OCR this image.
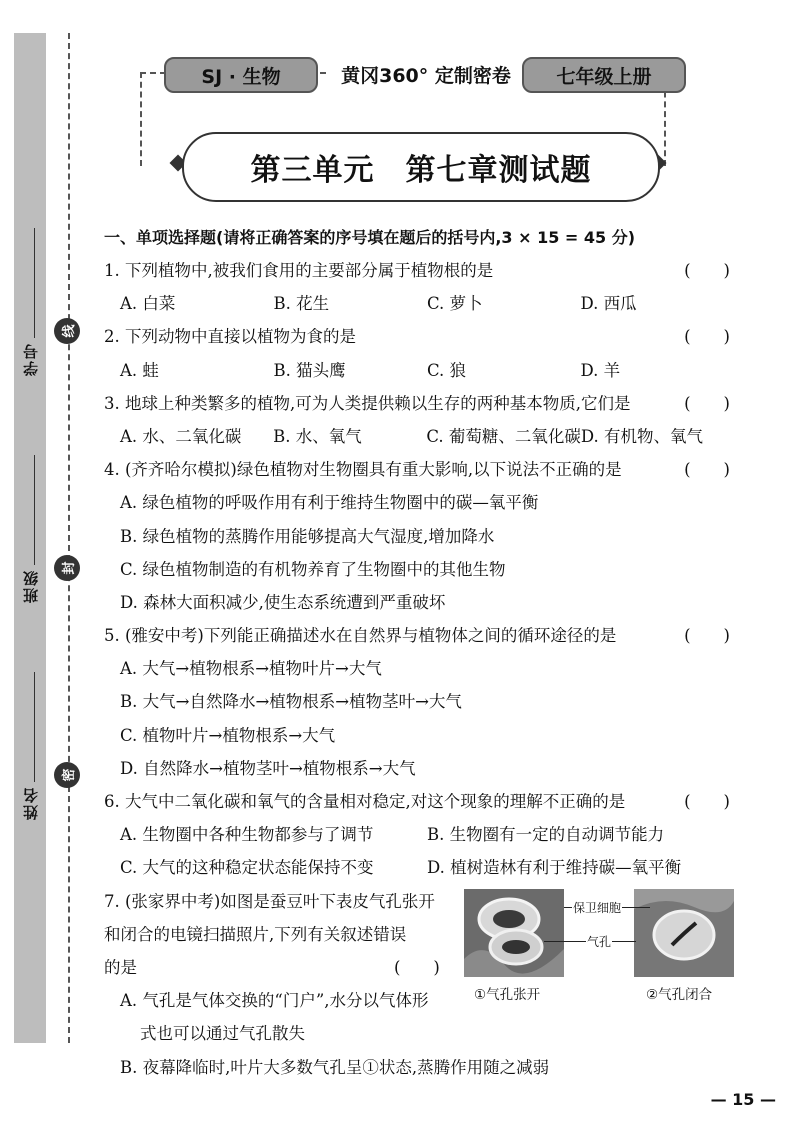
学号
班级
姓名
线
封
密
SJ · 生物	黄冈360° 定制密卷	七年级上册
第三单元　第七章测试题
一、单项选择题(请将正确答案的序号填在题后的括号内,3 × 15 = 45 分)
1. 下列植物中,被我们食用的主要部分属于植物根的是	(　　)
A. 白菜	B. 花生	C. 萝卜	D. 西瓜
2. 下列动物中直接以植物为食的是	(　　)
A. 蛙	B. 猫头鹰	C. 狼	D. 羊
3. 地球上种类繁多的植物,可为人类提供赖以生存的两种基本物质,它们是	(　　)
A. 水、二氧化碳	B. 水、氧气	C. 葡萄糖、二氧化碳 D. 有机物、氧气
4. (齐齐哈尔模拟)绿色植物对生物圈具有重大影响,以下说法不正确的是	(　　)
A. 绿色植物的呼吸作用有利于维持生物圈中的碳—氧平衡
B. 绿色植物的蒸腾作用能够提高大气湿度,增加降水
C. 绿色植物制造的有机物养育了生物圈中的其他生物
D. 森林大面积减少,使生态系统遭到严重破坏
5. (雅安中考)下列能正确描述水在自然界与植物体之间的循环途径的是	(　　)
A. 大气→植物根系→植物叶片→大气
B. 大气→自然降水→植物根系→植物茎叶→大气
C. 植物叶片→植物根系→大气
D. 自然降水→植物茎叶→植物根系→大气
6. 大气中二氧化碳和氧气的含量相对稳定,对这个现象的理解不正确的是	(　　)
A. 生物圈中各种生物都参与了调节	B. 生物圈有一定的自动调节能力
C. 大气的这种稳定状态能保持不变	D. 植树造林有利于维持碳—氧平衡
7. (张家界中考)如图是蚕豆叶下表皮气孔张开
和闭合的电镜扫描照片,下列有关叙述错误
的是	(　　)
A. 气孔是气体交换的“门户”,水分以气体形
式也可以通过气孔散失
B. 夜幕降临时,叶片大多数气孔呈①状态,蒸腾作用随之减弱
保卫细胞
气孔
①气孔张开	②气孔闭合
— 15 —
